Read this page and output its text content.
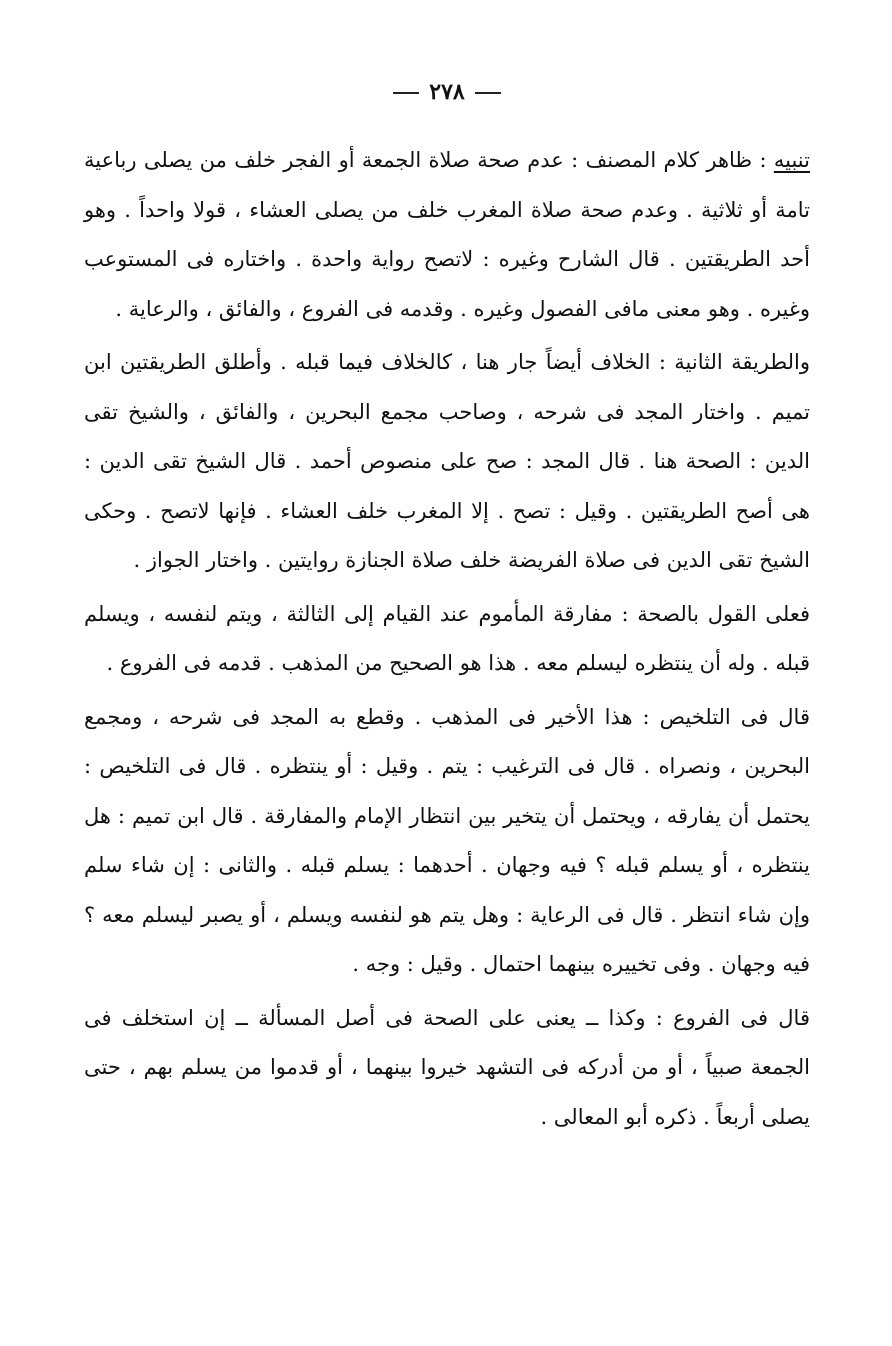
٢٧٨

تنبيه : ظاهر كلام المصنف : عدم صحة صلاة الجمعة أو الفجر خلف من يصلى رباعية تامة أو ثلاثية . وعدم صحة صلاة المغرب خلف من يصلى العشاء ، قولا واحداً . وهو أحد الطريقتين . قال الشارح وغيره : لاتصح رواية واحدة . واختاره فى المستوعب وغيره . وهو معنى مافى الفصول وغيره . وقدمه فى الفروع ، والفائق ، والرعاية .

والطريقة الثانية : الخلاف أيضاً جار هنا ، كالخلاف فيما قبله . وأطلق الطريقتين ابن تميم . واختار المجد فى شرحه ، وصاحب مجمع البحرين ، والفائق ، والشيخ تقى الدين : الصحة هنا . قال المجد : صح على منصوص أحمد . قال الشيخ تقى الدين : هى أصح الطريقتين . وقيل : تصح . إلا المغرب خلف العشاء . فإنها لاتصح . وحكى الشيخ تقى الدين فى صلاة الفريضة خلف صلاة الجنازة روايتين . واختار الجواز .

فعلى القول بالصحة : مفارقة المأموم عند القيام إلى الثالثة ، ويتم لنفسه ، ويسلم قبله . وله أن ينتظره ليسلم معه . هذا هو الصحيح من المذهب . قدمه فى الفروع .

قال فى التلخيص : هذا الأخير فى المذهب . وقطع به المجد فى شرحه ، ومجمع البحرين ، ونصراه . قال فى الترغيب : يتم . وقيل : أو ينتظره . قال فى التلخيص : يحتمل أن يفارقه ، ويحتمل أن يتخير بين انتظار الإمام والمفارقة . قال ابن تميم : هل ينتظره ، أو يسلم قبله ؟ فيه وجهان . أحدهما : يسلم قبله . والثانى : إن شاء سلم وإن شاء انتظر . قال فى الرعاية : وهل يتم هو لنفسه ويسلم ، أو يصبر ليسلم معه ؟ فيه وجهان . وفى تخييره بينهما احتمال . وقيل : وجه .

قال فى الفروع : وكذا ــ يعنى على الصحة فى أصل المسألة ــ إن استخلف فى الجمعة صبياً ، أو من أدركه فى التشهد خيروا بينهما ، أو قدموا من يسلم بهم ، حتى يصلى أربعاً . ذكره أبو المعالى .
